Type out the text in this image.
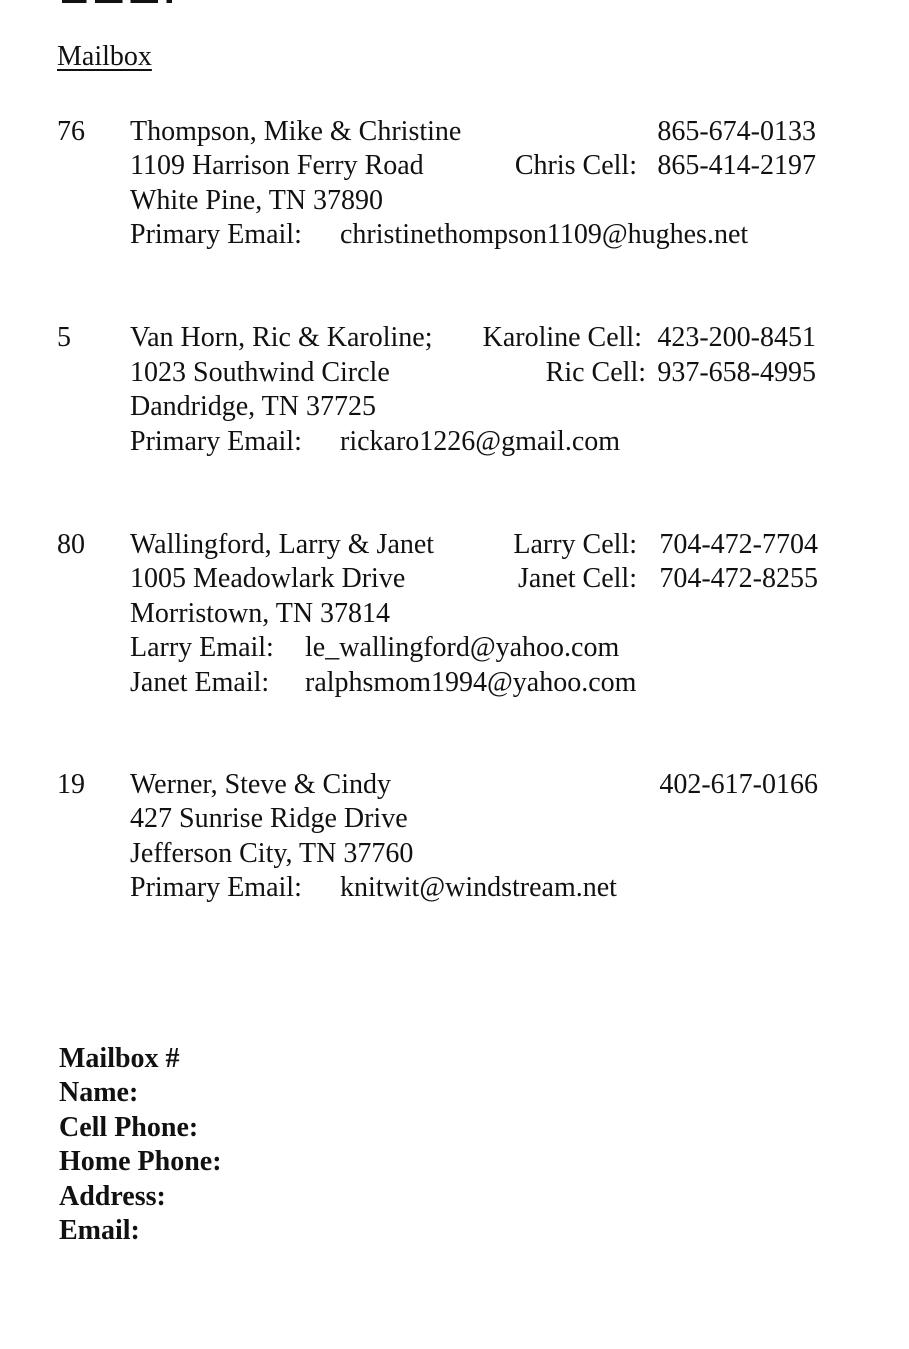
Mailbox
76 Thompson, Mike & Christine	865-674-0133
1109 Harrison Ferry Road	Chris Cell: 865-414-2197
White Pine, TN 37890
Primary Email: christinethompson1109@hughes.net
5 Van Horn, Ric & Karoline; Karoline Cell: 423-200-8451
1023 Southwind Circle	Ric Cell: 937-658-4995
Dandridge, TN 37725
Primary Email: rickaro1226@gmail.com
80 Wallingford, Larry & Janet	Larry Cell: 704-472-7704
1005 Meadowlark Drive	Janet Cell: 704-472-8255
Morristown, TN 37814
Larry Email: le_wallingford@yahoo.com
Janet Email: ralphsmom1994@yahoo.com
19 Werner, Steve & Cindy	402-617-0166
427 Sunrise Ridge Drive
Jefferson City, TN 37760
Primary Email: knitwit@windstream.net
Mailbox #
Name:
Cell Phone:
Home Phone:
Address:
Email:
